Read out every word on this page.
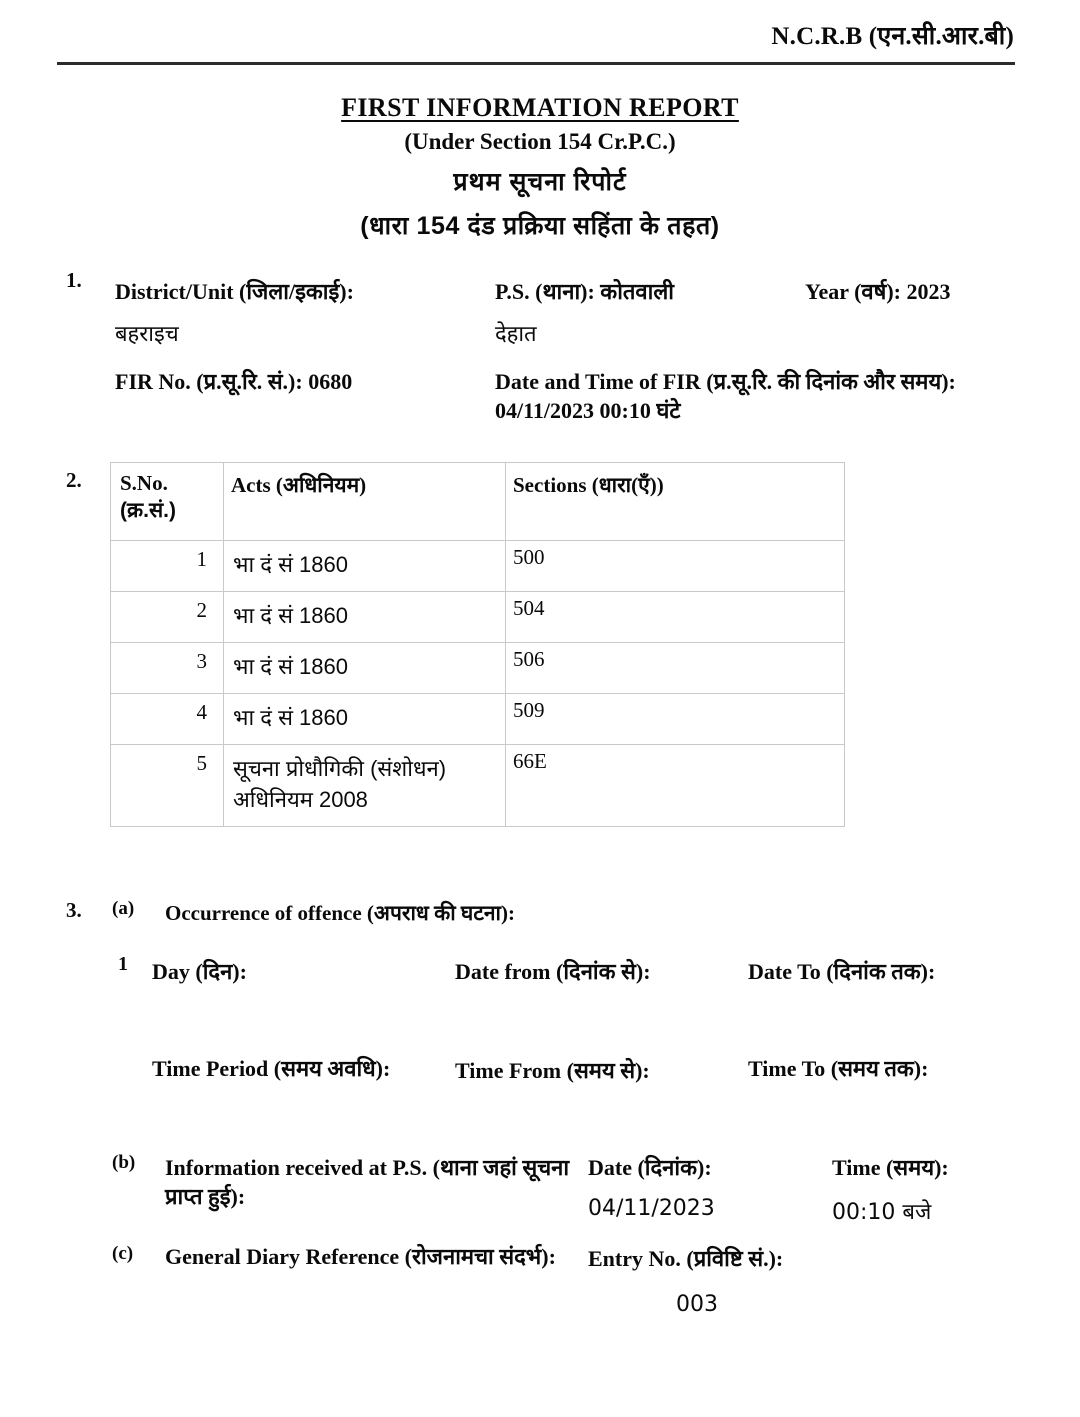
N.C.R.B (एन.सी.आर.बी)
FIRST INFORMATION REPORT
(Under Section 154 Cr.P.C.)
प्रथम सूचना रिपोर्ट
(धारा 154 दंड प्रक्रिया सहिंता के तहत)
1. District/Unit (जिला/इकाई):
बहराइच
P.S. (थाना): कोतवाली
देहात
Year (वर्ष): 2023
FIR No. (प्र.सू.रि. सं.): 0680	Date and Time of FIR (प्र.सू.रि. की दिनांक और समय): 04/11/2023 00:10 घंटे
2. S.No.
(क्र.सं.)	Acts (अधिनियम)	Sections (धारा(एँ))
1	भा दं सं 1860	500
2	भा दं सं 1860	504
3	भा दं सं 1860	506
4	भा दं सं 1860	509
5	सूचना प्रोधौगिकी (संशोधन) अधिनियम 2008	66E
3. (a) Occurrence of offence (अपराध की घटना):
1 Day (दिन):	Date from (दिनांक से):	Date To (दिनांक तक):
Time Period (समय अवधि):	Time From (समय से):	Time To (समय तक):
(b) Information received at P.S. (थाना जहां सूचना प्राप्त हुई):
Date (दिनांक):
04/11/2023
Time (समय):
00:10 बजे
(c) General Diary Reference (रोजनामचा संदर्भ):	Entry No. (प्रविष्टि सं.):
003
